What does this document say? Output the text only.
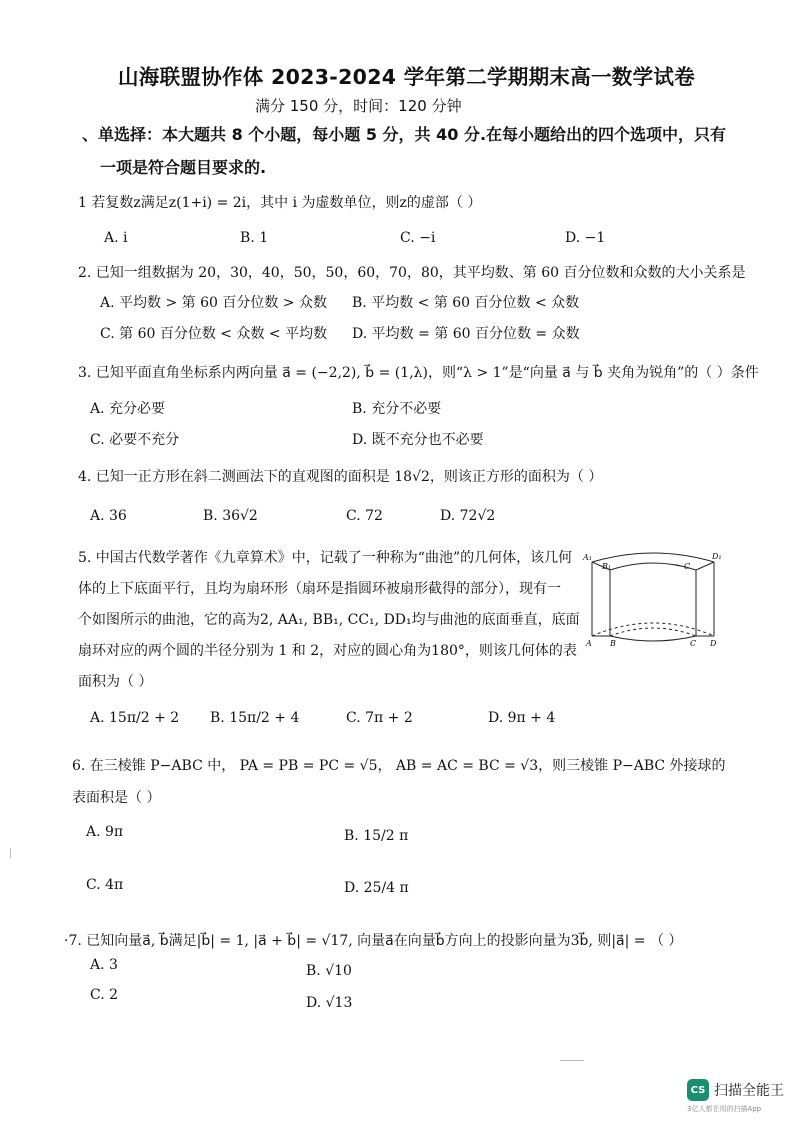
山海联盟协作体 2023-2024 学年第二学期期末高一数学试卷
满分 150 分，时间：120 分钟
、单选择：本大题共 8 个小题，每小题 5 分，共 40 分.在每小题给出的四个选项中，只有
一项是符合题目要求的.
1 若复数z满足z(1+i) = 2i，其中 i 为虚数单位，则z的虚部（ ）
A. i	B. 1	C. −i	D. −1
2. 已知一组数据为 20，30，40，50，50，60，70，80，其平均数、第 60 百分位数和众数的大小关系是
A. 平均数 > 第 60 百分位数 > 众数 B. 平均数 < 第 60 百分位数 < 众数
C. 第 60 百分位数 < 众数 < 平均数 D. 平均数 = 第 60 百分位数 = 众数
3. 已知平面直角坐标系内两向量 a⃗ = (−2,2), b⃗ = (1,λ)，则“λ > 1”是“向量 a⃗ 与 b⃗ 夹角为锐角”的（ ）条件
A. 充分必要	B. 充分不必要
C. 必要不充分	D. 既不充分也不必要
4. 已知一正方形在斜二测画法下的直观图的面积是 18√2，则该正方形的面积为（ ）
A. 36	B. 36√2	C. 72	D. 72√2
5. 中国古代数学著作《九章算术》中，记载了一种称为“曲池”的几何体，该几何
体的上下底面平行，且均为扇环形（扇环是指圆环被扇形截得的部分），现有一
个如图所示的曲池，它的高为2, AA₁, BB₁, CC₁, DD₁均与曲池的底面垂直，底面
扇环对应的两个圆的半径分别为 1 和 2，对应的圆心角为180°，则该几何体的表
面积为（ ）
A₁
B₁	C
D₁
A B	C D
A. 15π/2 + 2 B. 15π/2 + 4	C. 7π + 2	D. 9π + 4
6. 在三棱锥 P−ABC 中， PA = PB = PC = √5， AB = AC = BC = √3，则三棱锥 P−ABC 外接球的
表面积是（ ）
A. 9π	B. 15/2 π
C. 4π	D. 25/4 π
·7. 已知向量a⃗, b⃗满足|b⃗| = 1, |a⃗ + b⃗| = √17, 向量a⃗在向量b⃗方向上的投影向量为3b⃗, 则|a⃗| = （ ）
A. 3	B. √10
C. 2	D. √13
CS 扫描全能王
3亿人都在用的扫描App
